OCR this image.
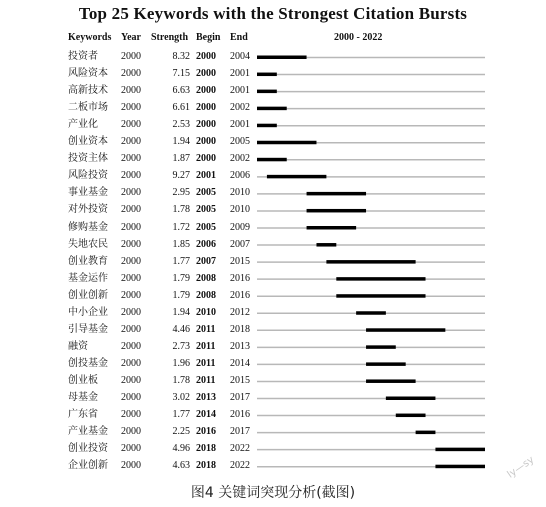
Top 25 Keywords with the Strongest Citation Bursts
Keywords Year Strength Begin End	2000 - 2022
投资者	2000	8.32 2000	2004
风险资本	2000	7.15 2000	2001
高新技术	2000	6.63 2000	2001
二板市场	2000	6.61 2000	2002
产业化	2000	2.53 2000	2001
创业资本	2000	1.94 2000	2005
投资主体	2000	1.87 2000	2002
风险投资	2000	9.27 2001	2006
事业基金	2000	2.95 2005	2010
对外投资	2000	1.78 2005	2010
修购基金	2000	1.72 2005	2009
失地农民	2000	1.85 2006	2007
创业教育	2000	1.77 2007	2015
基金运作	2000	1.79 2008	2016
创业创新	2000	1.79 2008	2016
中小企业	2000	1.94 2010	2012
引导基金	2000	4.46 2011	2018
融资	2000	2.73 2011	2013
创投基金	2000	1.96 2011	2014
创业板	2000	1.78 2011	2015
母基金	2000	3.02 2013	2017
广东省	2000	1.77 2014	2016
产业基金	2000	2.25 2016	2017
创业投资	2000	4.96 2018	2022
企业创新	2000	4.63 2018	2022
图4 关键词突现分析(截图)
ly—sy
